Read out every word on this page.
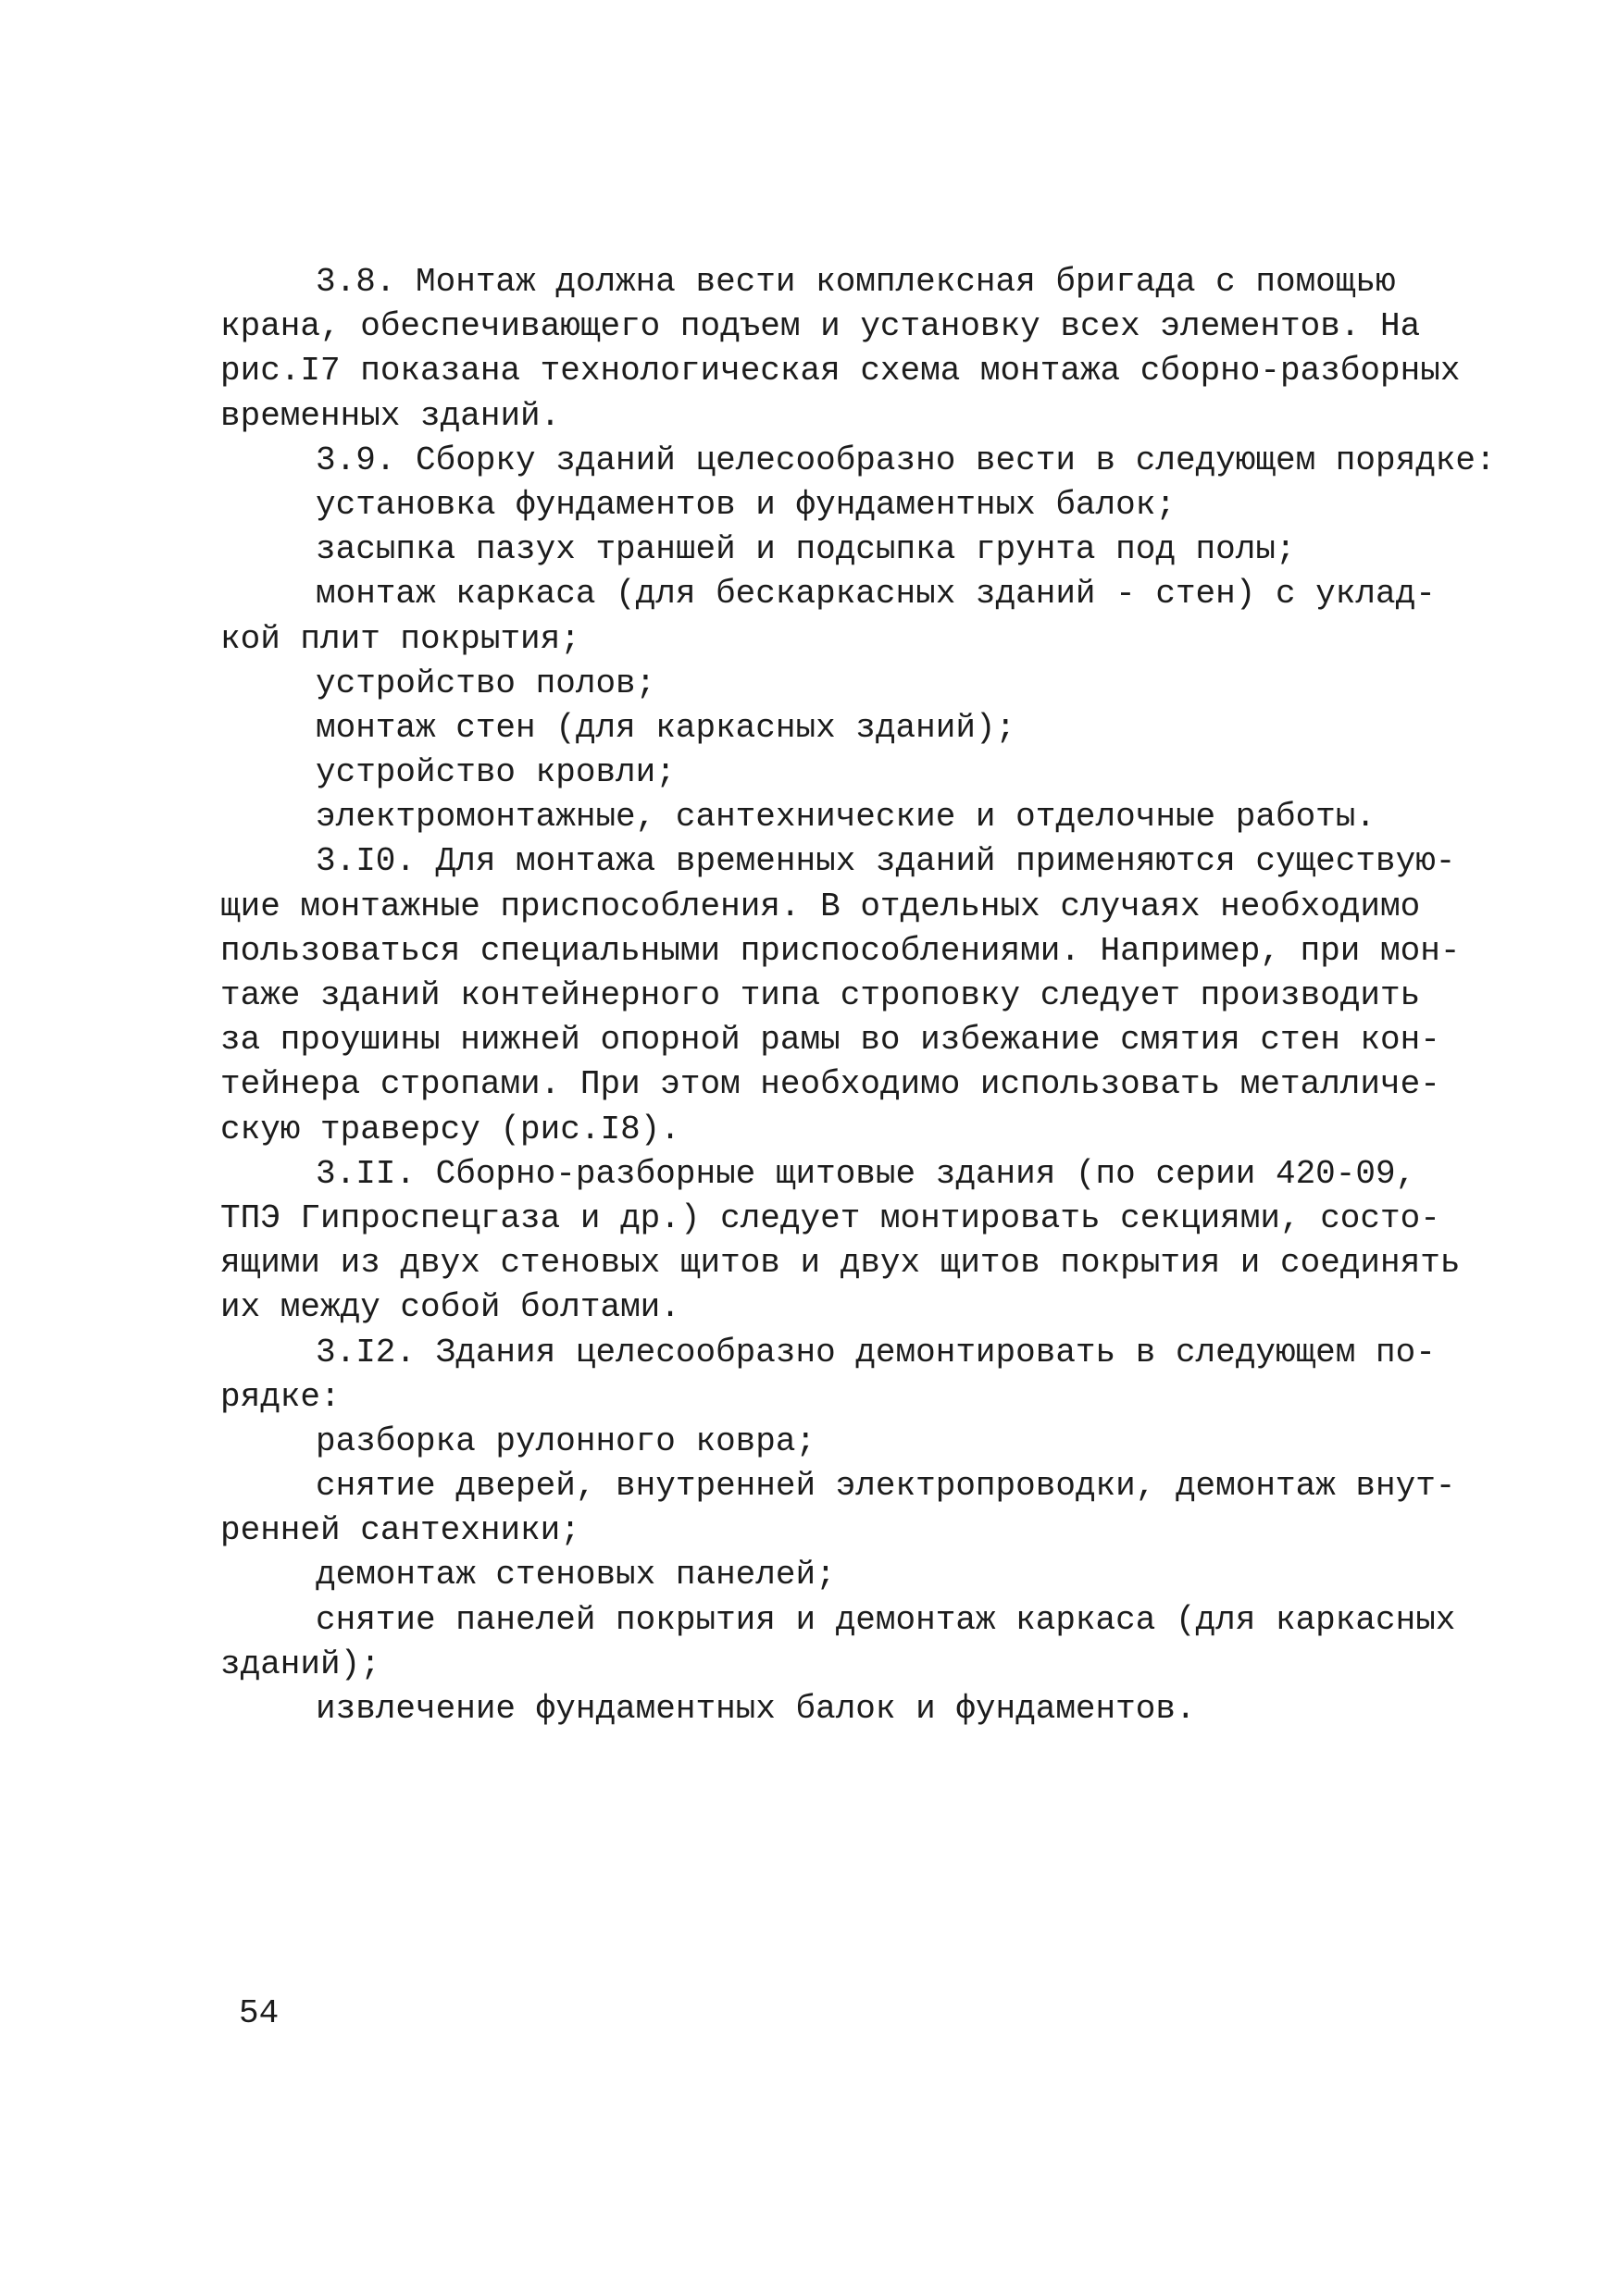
3.8. Монтаж должна вести комплексная бригада с помощью
крана, обеспечивающего подъем и установку всех элементов. На
рис.I7 показана технологическая схема монтажа сборно-разборных
временных зданий.
3.9. Сборку зданий целесообразно вести в следующем порядке:
установка фундаментов и фундаментных балок;
засыпка пазух траншей и подсыпка грунта под полы;
монтаж каркаса (для бескаркасных зданий - стен) с уклад-
кой плит покрытия;
устройство полов;
монтаж стен (для каркасных зданий);
устройство кровли;
электромонтажные, сантехнические и отделочные работы.
3.I0. Для монтажа временных зданий применяются существую-
щие монтажные приспособления. В отдельных случаях необходимо
пользоваться специальными приспособлениями. Например, при мон-
таже зданий контейнерного типа строповку следует производить
за проушины нижней опорной рамы во избежание смятия стен кон-
тейнера стропами. При этом необходимо использовать металличе-
скую траверсу (рис.I8).
3.II. Сборно-разборные щитовые здания (по серии 420-09,
ТПЭ Гипроспецгаза и др.) следует монтировать секциями, состо-
ящими из двух стеновых щитов и двух щитов покрытия и соединять
их между собой болтами.
3.I2. Здания целесообразно демонтировать в следующем по-
рядке:
разборка рулонного ковра;
снятие дверей, внутренней электропроводки, демонтаж внут-
ренней сантехники;
демонтаж стеновых панелей;
снятие панелей покрытия и демонтаж каркаса (для каркасных
зданий);
извлечение фундаментных балок и фундаментов.
54
